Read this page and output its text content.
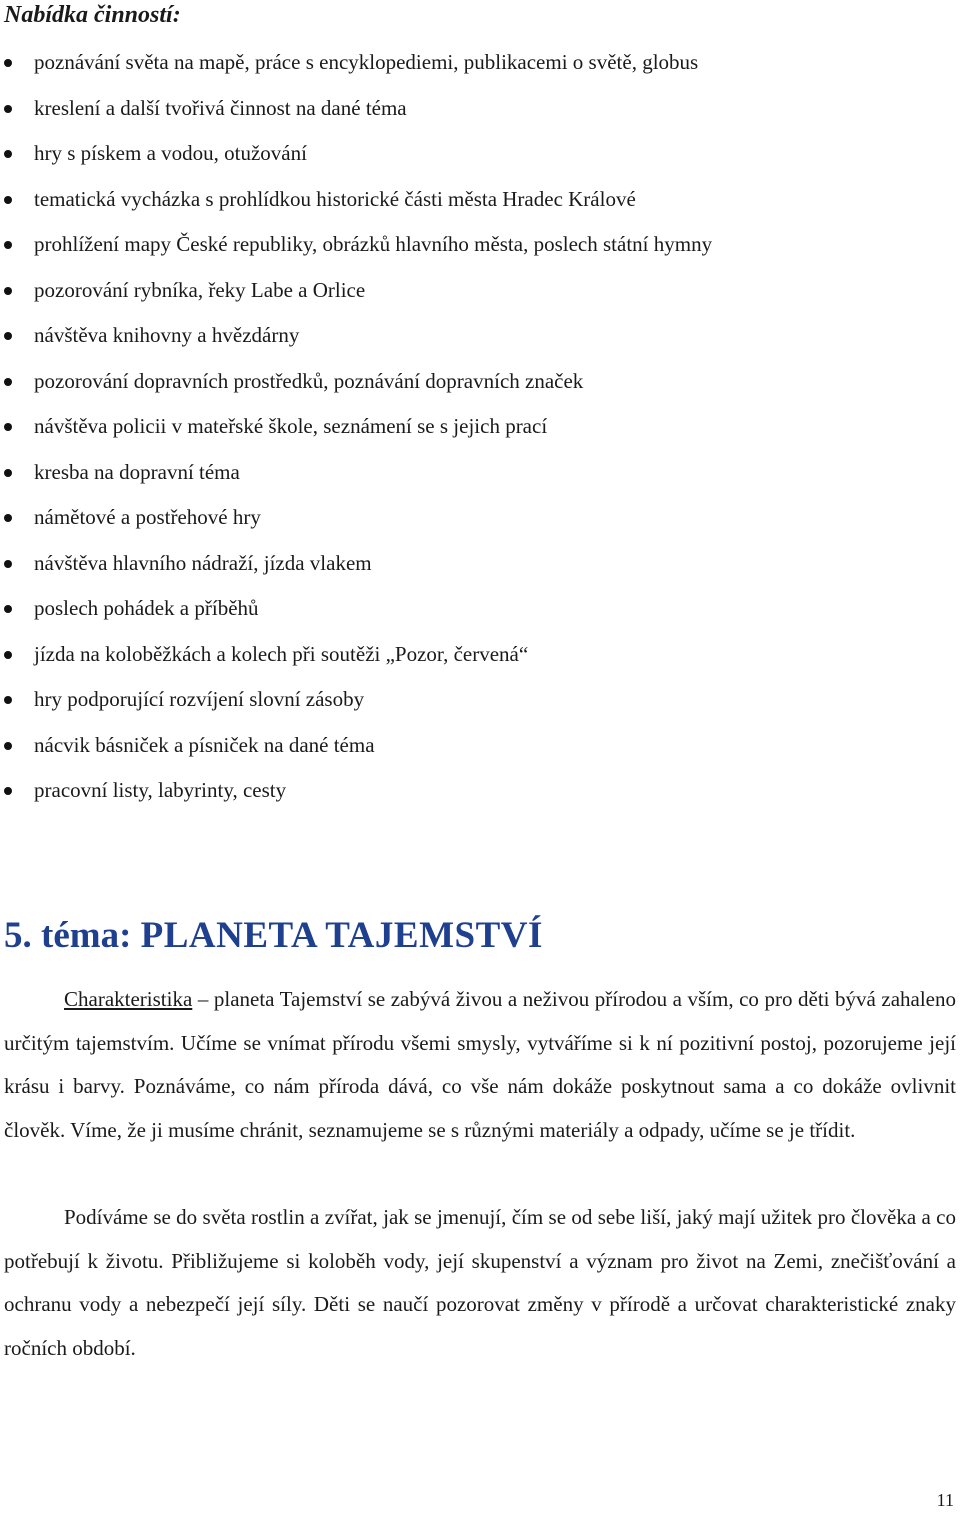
Nabídka činností:
poznávání světa na mapě, práce s encyklopediemi, publikacemi o světě, globus
kreslení a další tvořivá činnost na dané téma
hry s pískem a vodou, otužování
tematická vycházka s prohlídkou historické části města Hradec Králové
prohlížení mapy České republiky, obrázků hlavního města, poslech státní hymny
pozorování rybníka, řeky Labe a Orlice
návštěva knihovny a hvězdárny
pozorování dopravních prostředků, poznávání dopravních značek
návštěva policii v mateřské škole, seznámení se s jejich prací
kresba na dopravní téma
námětové a postřehové hry
návštěva hlavního nádraží, jízda vlakem
poslech pohádek a příběhů
jízda na koloběžkách a kolech při soutěži „Pozor, červená“
hry podporující rozvíjení slovní zásoby
nácvik básniček a písniček na dané téma
pracovní listy, labyrinty, cesty
5. téma: PLANETA TAJEMSTVÍ

Charakteristika – planeta Tajemství se zabývá živou a neživou přírodou a vším, co pro děti bývá zahaleno určitým tajemstvím. Učíme se vnímat přírodu všemi smysly, vytváříme si k ní pozitivní postoj, pozorujeme její krásu i barvy. Poznáváme, co nám příroda dává, co vše nám dokáže poskytnout sama a co dokáže ovlivnit člověk. Víme, že ji musíme chránit, seznamujeme se s různými materiály a odpady, učíme se je třídit.

Podíváme se do světa rostlin a zvířat, jak se jmenují, čím se od sebe liší, jaký mají užitek pro člověka a co potřebují k životu. Přibližujeme si koloběh vody, její skupenství a význam pro život na Zemi, znečišťování a ochranu vody a nebezpečí její síly. Děti se naučí pozorovat změny v přírodě a určovat charakteristické znaky ročních období.

11
